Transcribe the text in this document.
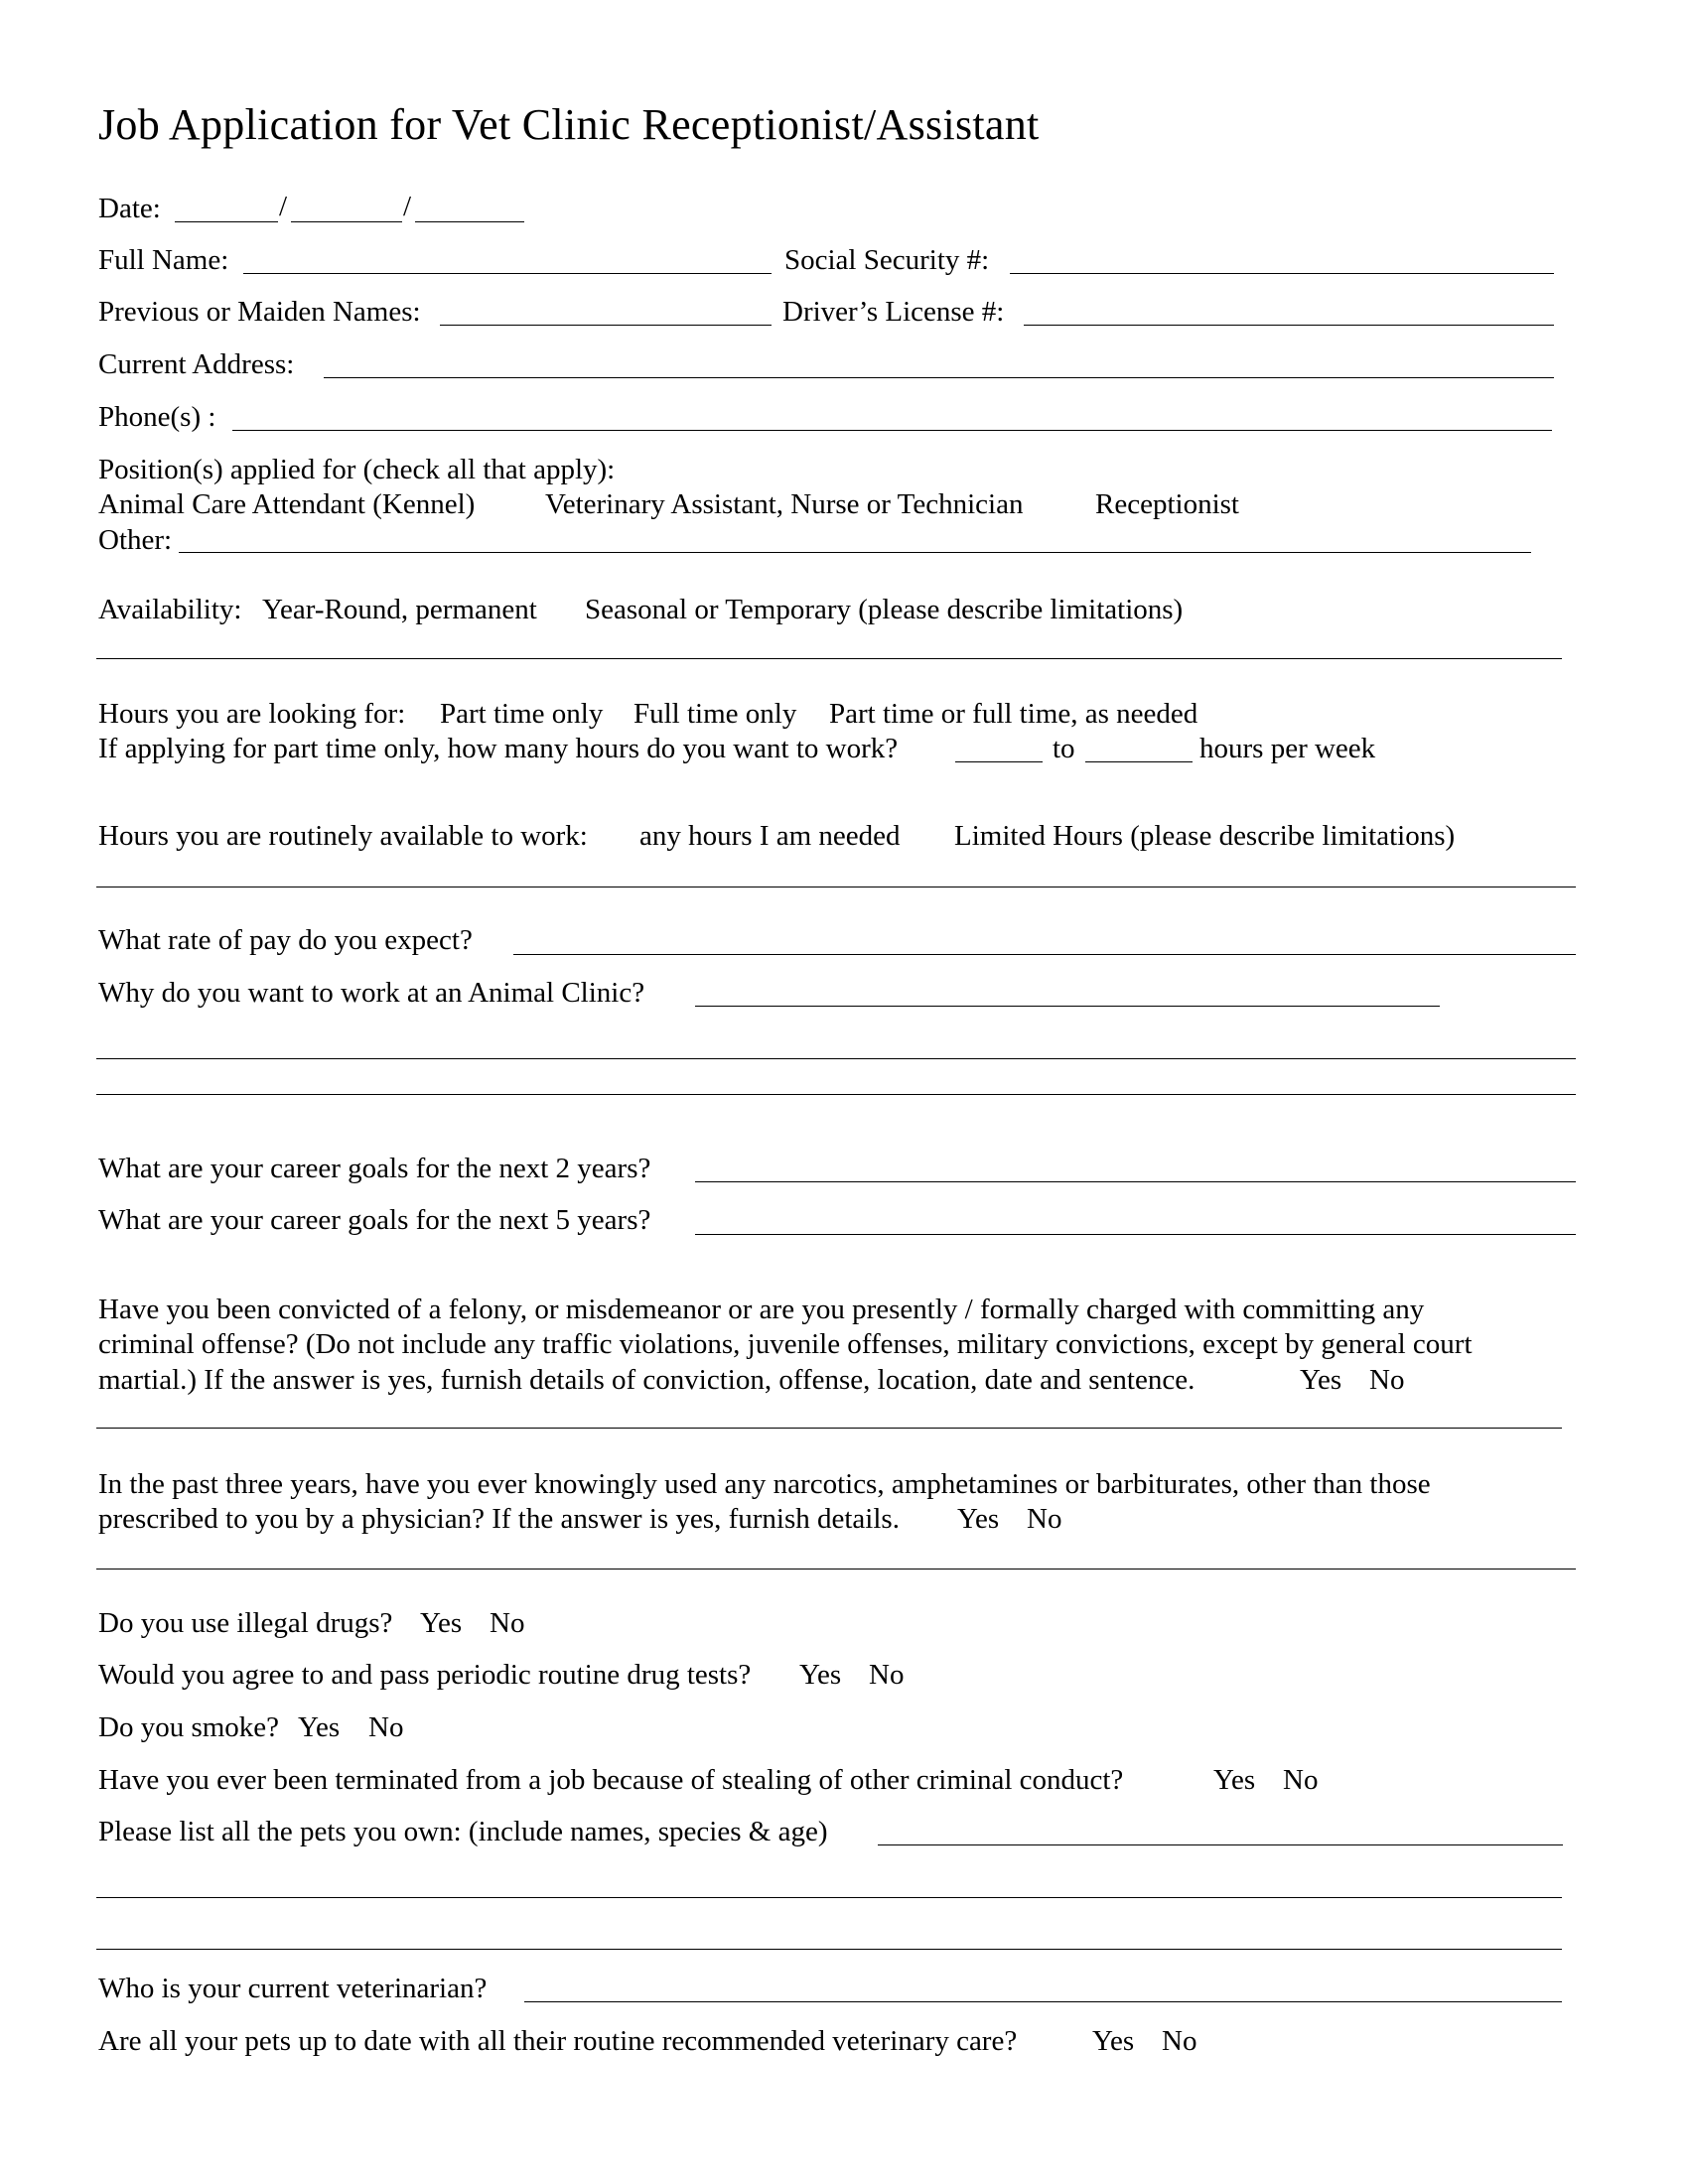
Job Application for Vet Clinic Receptionist/Assistant
Date:	/	/
Full Name:	Social Security #:
Previous or Maiden Names:	Driver’s License #:
Current Address:
Phone(s) :
Position(s) applied for (check all that apply):
Animal Care Attendant (Kennel) Veterinary Assistant, Nurse or Technician	Receptionist
Other:
Availability: Year-Round, permanent Seasonal or Temporary (please describe limitations)
Hours you are looking for: Part time only Full time only Part time or full time, as needed
If applying for part time only, how many hours do you want to work?	to	hours per week
Hours you are routinely available to work: any hours I am needed Limited Hours (please describe limitations)
What rate of pay do you expect?
Why do you want to work at an Animal Clinic?
What are your career goals for the next 2 years?
What are your career goals for the next 5 years?
Have you been convicted of a felony, or misdemeanor or are you presently / formally charged with committing any
criminal offense? (Do not include any traffic violations, juvenile offenses, military convictions, except by general court
martial.) If the answer is yes, furnish details of conviction, offense, location, date and sentence.	Yes No
In the past three years, have you ever knowingly used any narcotics, amphetamines or barbiturates, other than those
prescribed to you by a physician? If the answer is yes, furnish details. Yes No
Do you use illegal drugs? Yes No
Would you agree to and pass periodic routine drug tests? Yes No
Do you smoke? Yes No
Have you ever been terminated from a job because of stealing of other criminal conduct?	Yes No
Please list all the pets you own: (include names, species & age)
Who is your current veterinarian?
Are all your pets up to date with all their routine recommended veterinary care?	Yes No
